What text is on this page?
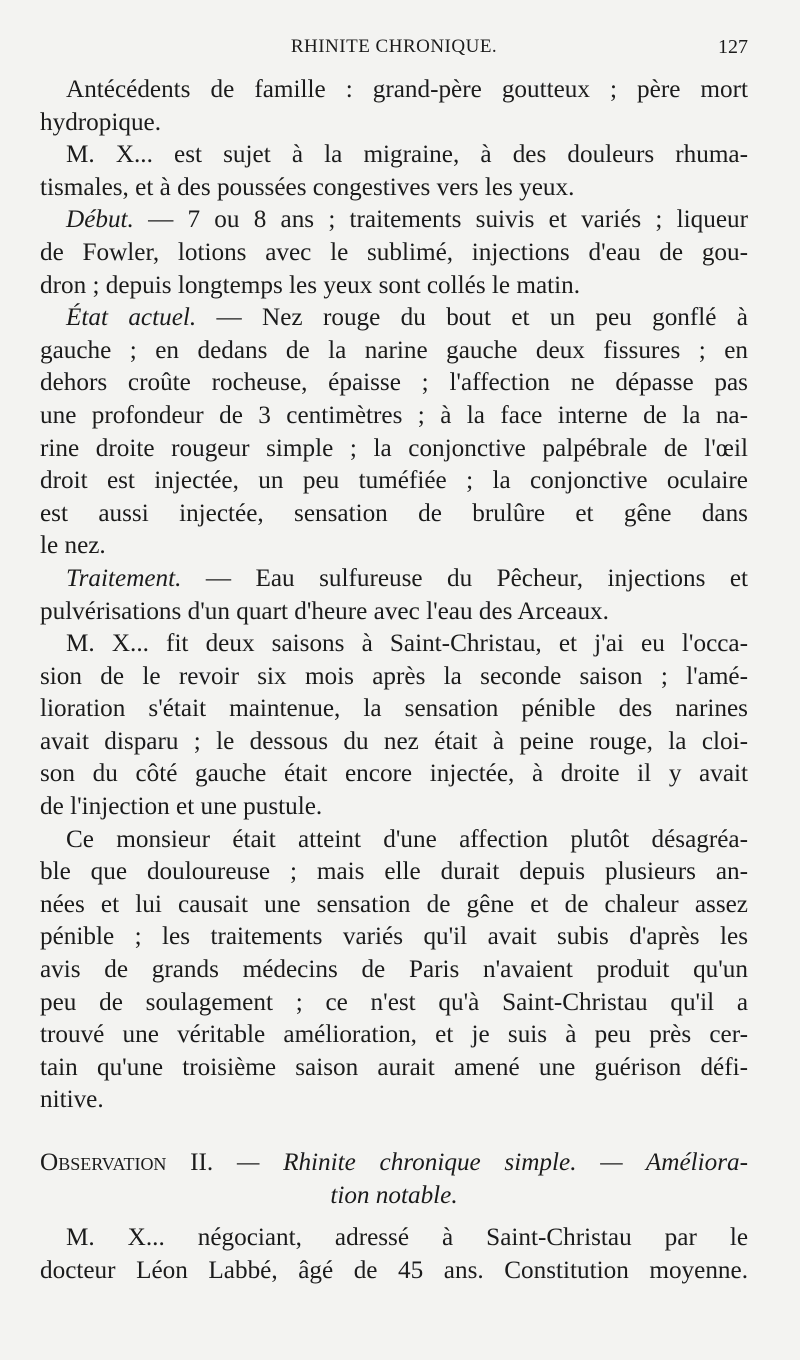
RHINITE CHRONIQUE.	127

Antécédents de famille : grand-père goutteux ; père mort
hydropique.

M. X... est sujet à la migraine, à des douleurs rhuma-
tismales, et à des poussées congestives vers les yeux.

Début. — 7 ou 8 ans ; traitements suivis et variés ; liqueur
de Fowler, lotions avec le sublimé, injections d'eau de gou-
dron ; depuis longtemps les yeux sont collés le matin.

État actuel. — Nez rouge du bout et un peu gonflé à
gauche ; en dedans de la narine gauche deux fissures ; en
dehors croûte rocheuse, épaisse ; l'affection ne dépasse pas
une profondeur de 3 centimètres ; à la face interne de la na-
rine droite rougeur simple ; la conjonctive palpébrale de l'œil
droit est injectée, un peu tuméfiée ; la conjonctive oculaire
est aussi injectée, sensation de brulûre et gêne dans
le nez.

Traitement. — Eau sulfureuse du Pêcheur, injections et
pulvérisations d'un quart d'heure avec l'eau des Arceaux.

M. X... fit deux saisons à Saint-Christau, et j'ai eu l'occa-
sion de le revoir six mois après la seconde saison ; l'amé-
lioration s'était maintenue, la sensation pénible des narines
avait disparu ; le dessous du nez était à peine rouge, la cloi-
son du côté gauche était encore injectée, à droite il y avait
de l'injection et une pustule.

Ce monsieur était atteint d'une affection plutôt désagréa-
ble que douloureuse ; mais elle durait depuis plusieurs an-
nées et lui causait une sensation de gêne et de chaleur assez
pénible ; les traitements variés qu'il avait subis d'après les
avis de grands médecins de Paris n'avaient produit qu'un
peu de soulagement ; ce n'est qu'à Saint-Christau qu'il a
trouvé une véritable amélioration, et je suis à peu près cer-
tain qu'une troisième saison aurait amené une guérison défi-
nitive.

Observation II. — Rhinite chronique simple. — Améliora-
tion notable.

M. X... négociant, adressé à Saint-Christau par le
docteur Léon Labbé, âgé de 45 ans. Constitution moyenne.
